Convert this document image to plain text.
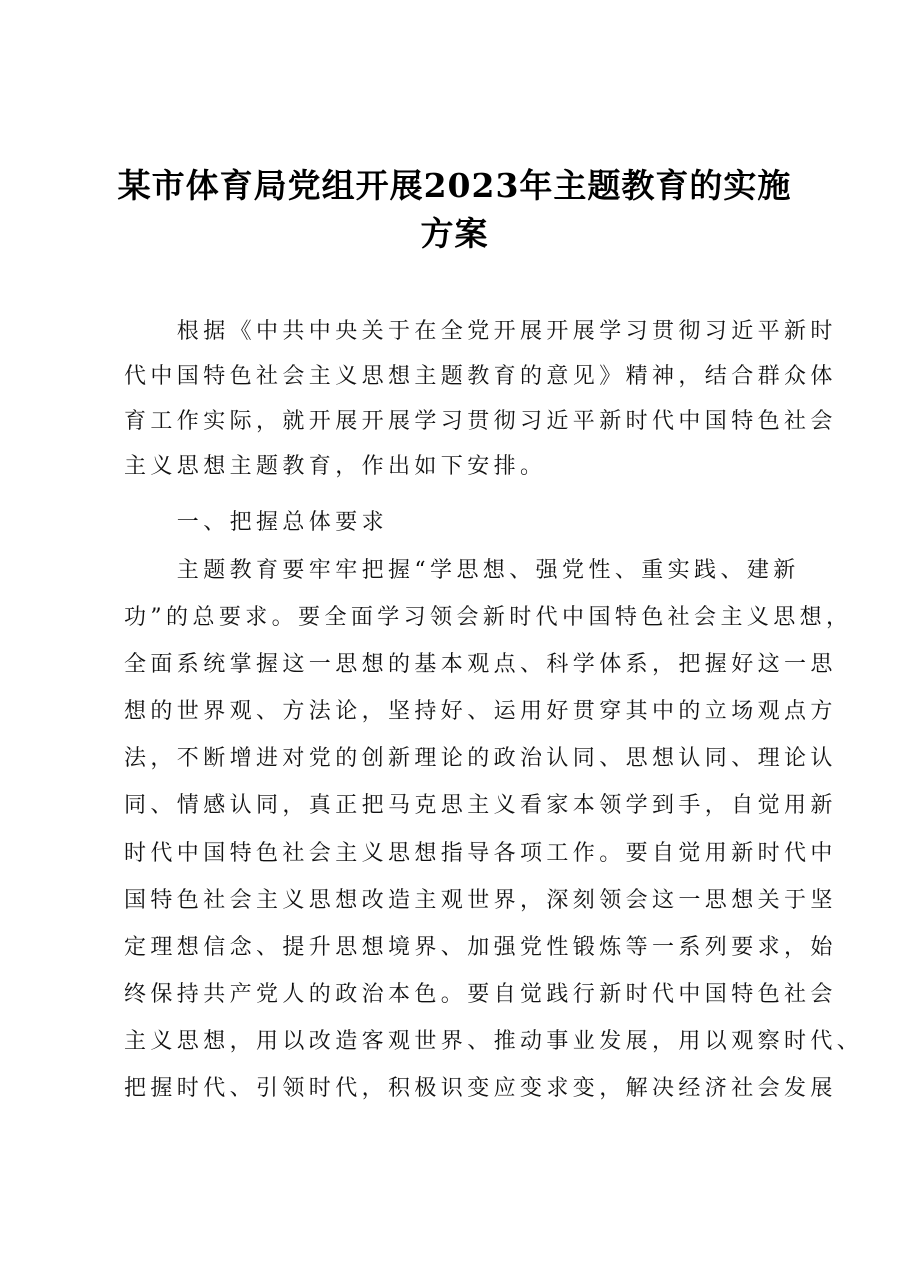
某市体育局党组开展2023年主题教育的实施
方案
　　根据《中共中央关于在全党开展开展学习贯彻习近平新时
代中国特色社会主义思想主题教育的意见》精神，结合群众体
育工作实际，就开展开展学习贯彻习近平新时代中国特色社会
主义思想主题教育，作出如下安排。
　　一、把握总体要求
　　主题教育要牢牢把握“学思想、强党性、重实践、建新
功”的总要求。要全面学习领会新时代中国特色社会主义思想，
全面系统掌握这一思想的基本观点、科学体系，把握好这一思
想的世界观、方法论，坚持好、运用好贯穿其中的立场观点方
法，不断增进对党的创新理论的政治认同、思想认同、理论认
同、情感认同，真正把马克思主义看家本领学到手，自觉用新
时代中国特色社会主义思想指导各项工作。要自觉用新时代中
国特色社会主义思想改造主观世界，深刻领会这一思想关于坚
定理想信念、提升思想境界、加强党性锻炼等一系列要求，始
终保持共产党人的政治本色。要自觉践行新时代中国特色社会
主义思想，用以改造客观世界、推动事业发展，用以观察时代、
把握时代、引领时代，积极识变应变求变，解决经济社会发展
